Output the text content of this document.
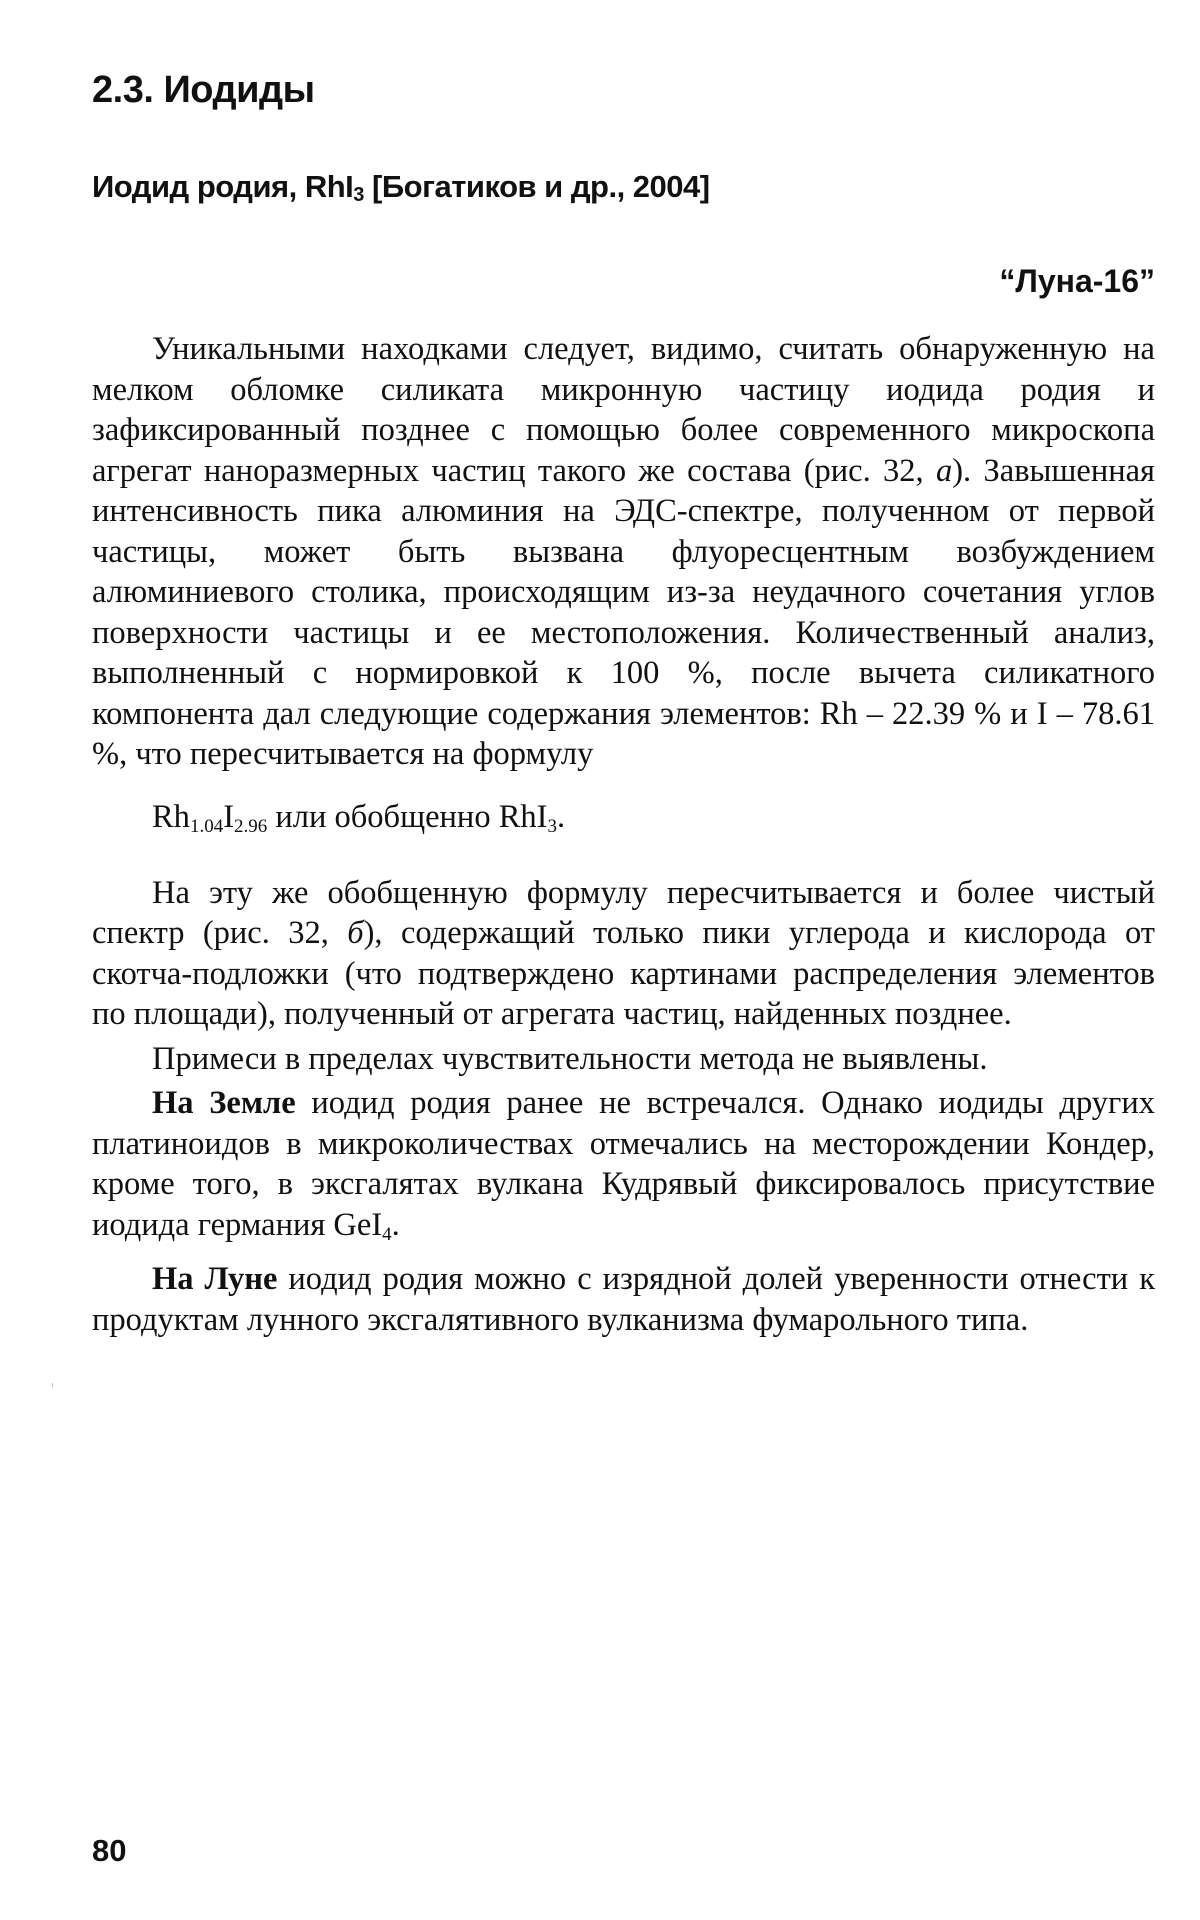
2.3. Иодиды
Иодид родия, RhI$_3$ [Богатиков и др., 2004]

“Луна-16”

Уникальными находками следует, видимо, считать обнаруженную на мелком обломке силиката микронную частицу иодида родия и зафиксированный позднее с помощью более современного микроскопа агрегат наноразмерных частиц такого же состава (рис. 32, а). Завышенная интенсивность пика алюминия на ЭДС-спектре, полученном от первой частицы, может быть вызвана флуоресцентным возбуждением алюминиевого столика, происходящим из-за неудачного сочетания углов поверхности частицы и ее местоположения. Количественный анализ, выполненный с нормировкой к 100 %, после вычета силикатного компонента дал следующие содержания элементов: Rh – 22.39 % и I – 78.61 %, что пересчитывается на формулу

$Rh_{1.04}I_{2.96}$ или обобщенно RhI$_3$.

На эту же обобщенную формулу пересчитывается и более чистый спектр (рис. 32, б), содержащий только пики углерода и кислорода от скотча-подложки (что подтверждено картинами распределения элементов по площади), полученный от агрегата частиц, найденных позднее.

Примеси в пределах чувствительности метода не выявлены.

На Земле иодид родия ранее не встречался. Однако иодиды других платиноидов в микроколичествах отмечались на месторождении Кондер, кроме того, в эксгалятах вулкана Кудрявый фиксировалось присутствие иодида германия GeI$_4$.

На Луне иодид родия можно с изрядной долей уверенности отнести к продуктам лунного эксгалятивного вулканизма фумарольного типа.

80
